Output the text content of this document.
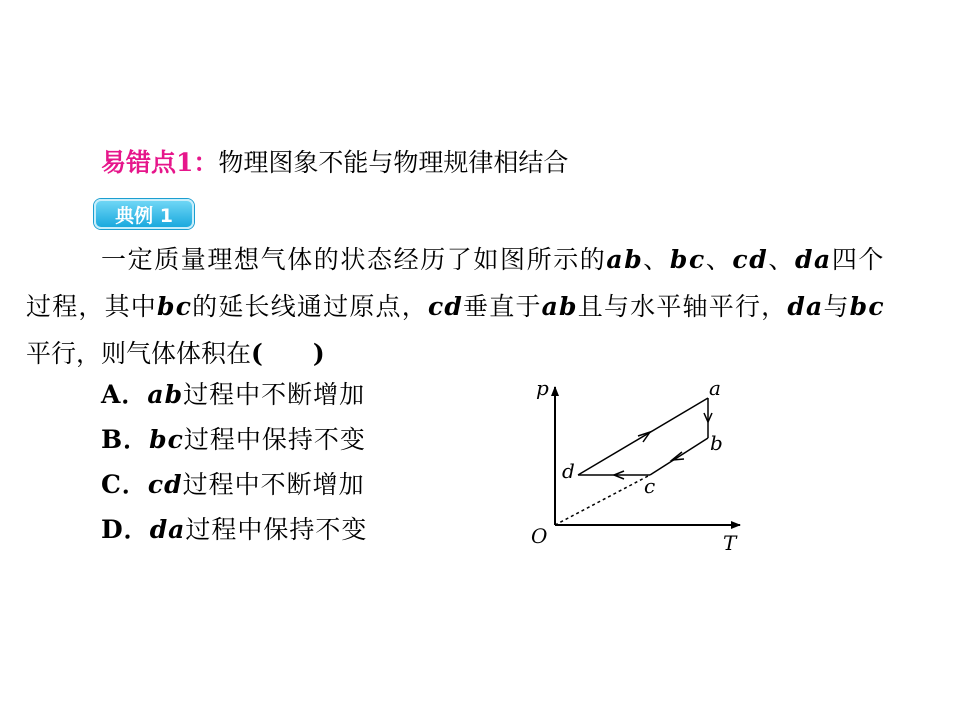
易错点1：物理图象不能与物理规律相结合
典例 1
一定质量理想气体的状态经历了如图所示的ab、bc、cd、da四个
过程，其中bc的延长线通过原点，cd垂直于ab且与水平轴平行，da与bc
平行，则气体体积在(　　)
A．ab过程中不断增加
B．bc过程中保持不变
C．cd过程中不断增加
D．da过程中保持不变
p
T
O
a
b
c
d
